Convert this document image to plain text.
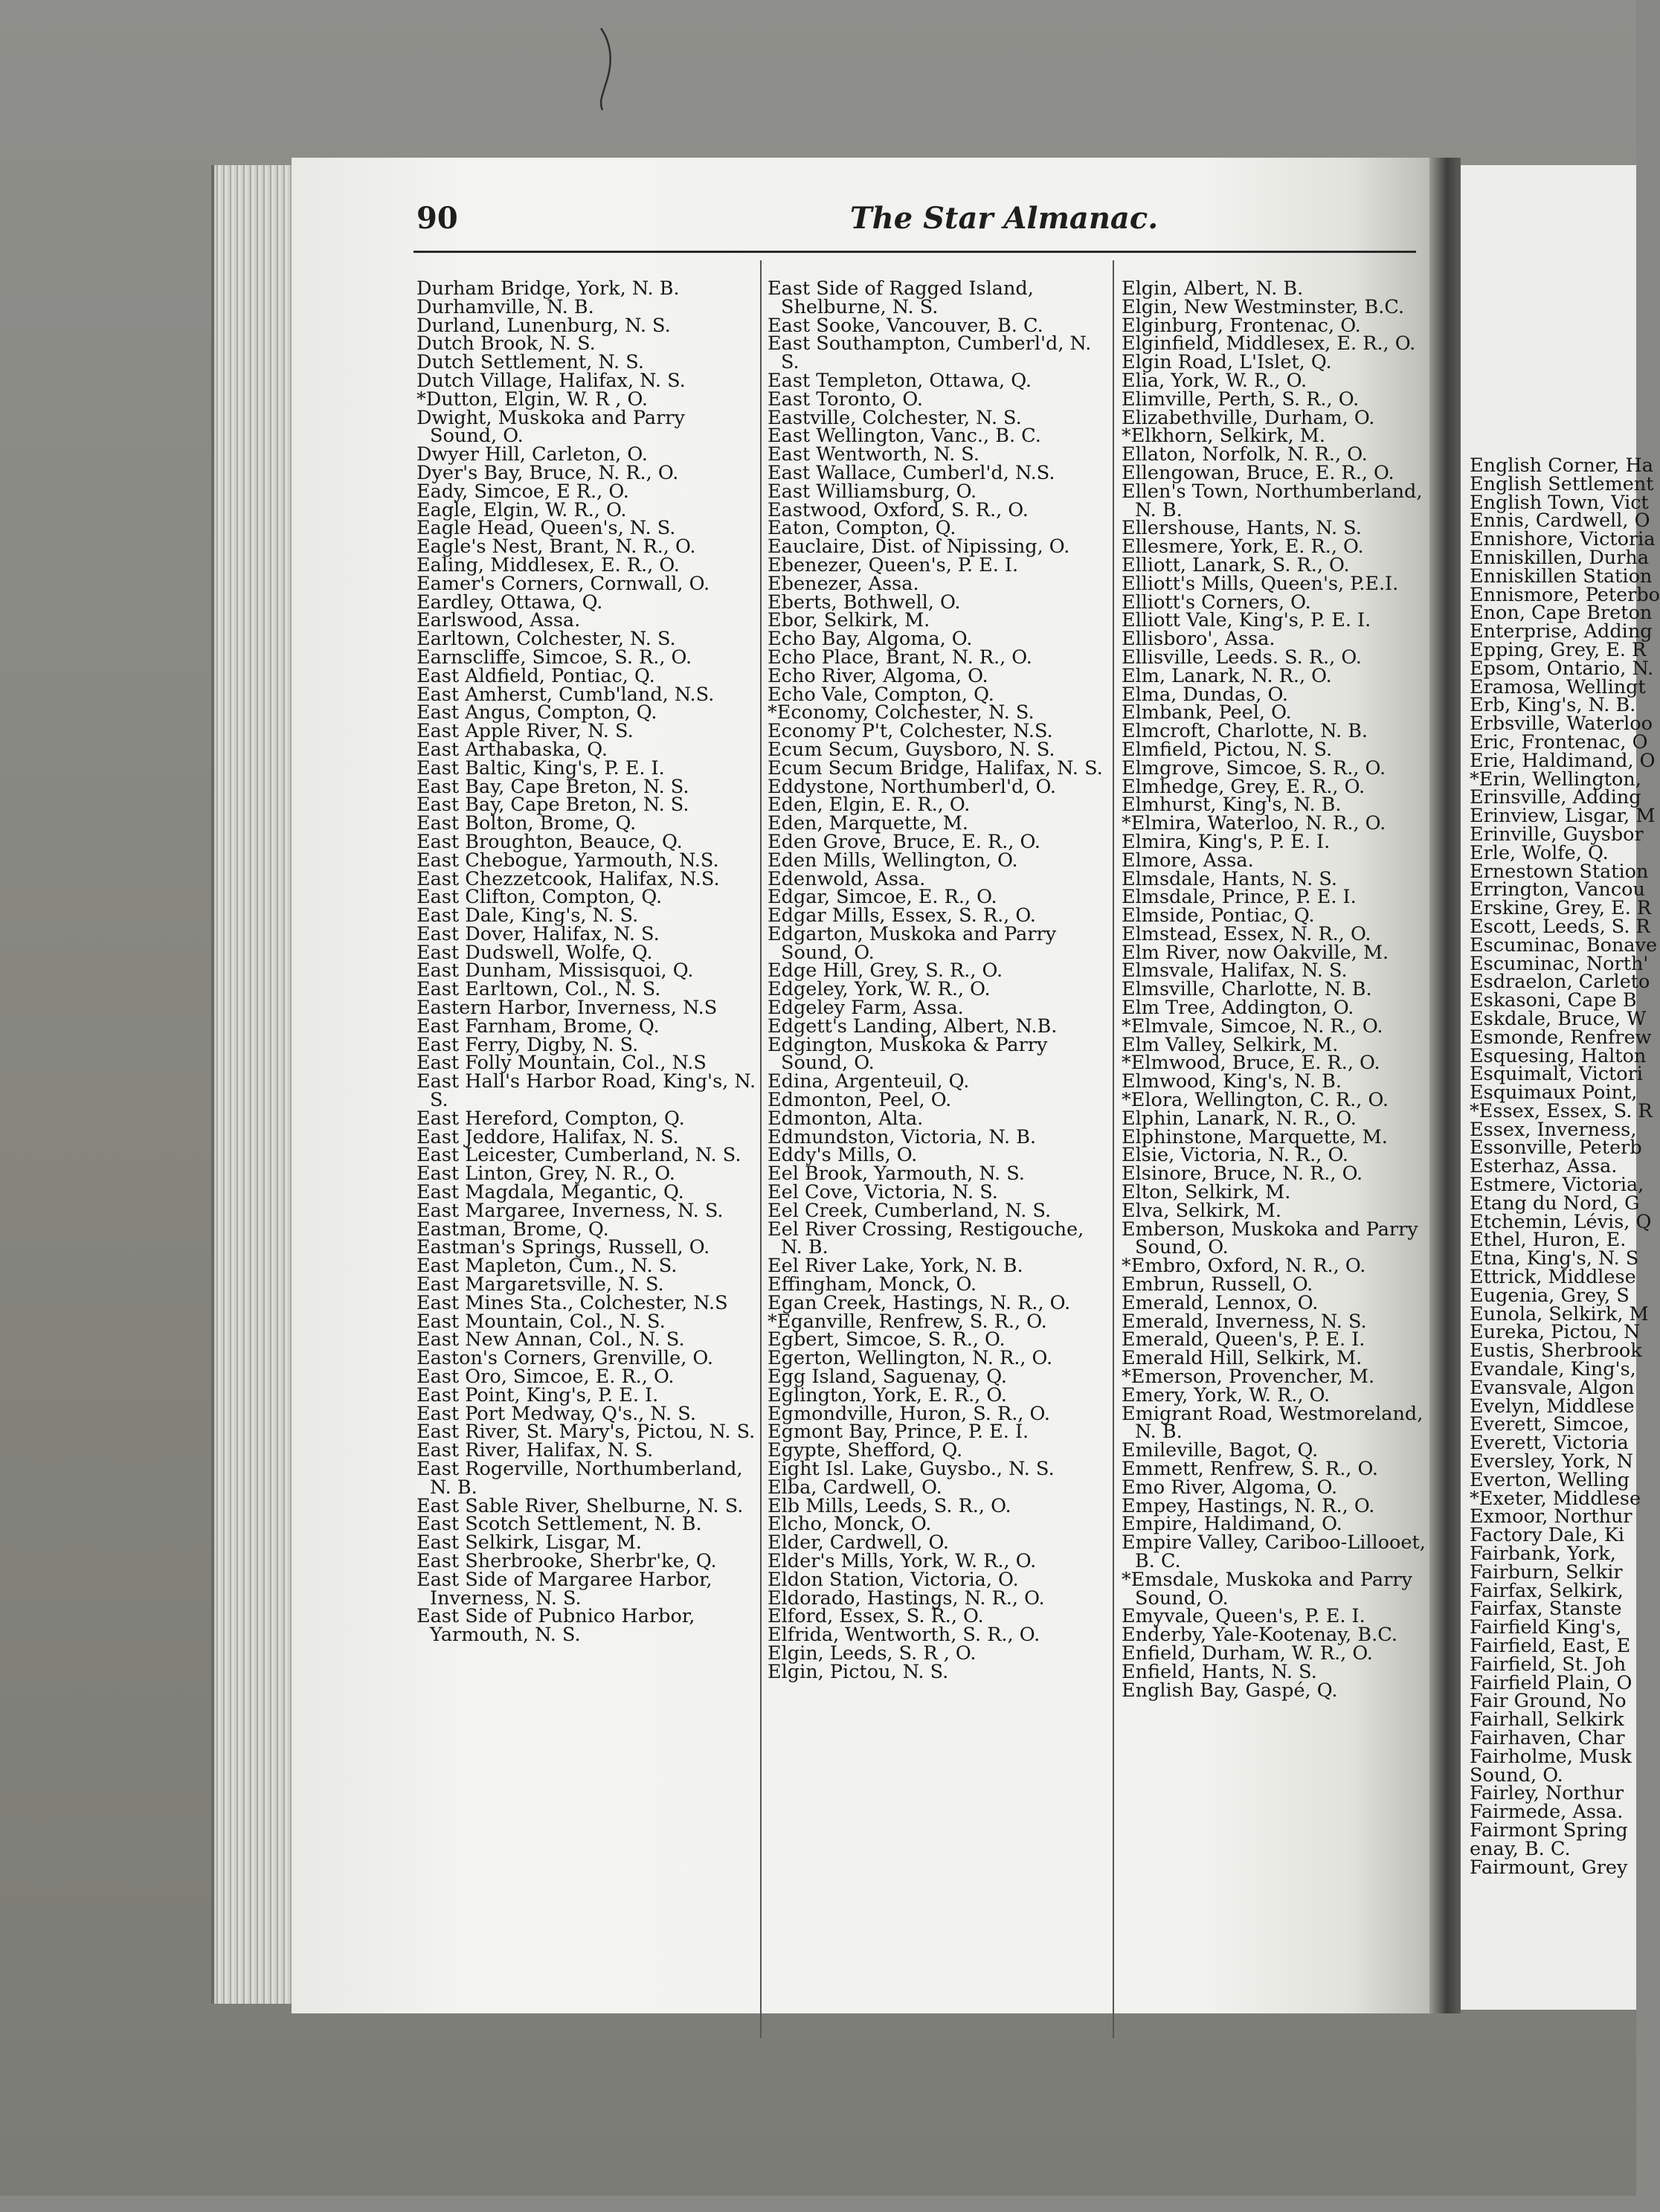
90	The Star Almanac.
Durham Bridge, York, N. B.
Durhamville, N. B.
Durland, Lunenburg, N. S.
Dutch Brook, N. S.
Dutch Settlement, N. S.
Dutch Village, Halifax, N. S.
*Dutton, Elgin, W. R , O.
Dwight, Muskoka and Parry Sound, O.
Dwyer Hill, Carleton, O.
Dyer's Bay, Bruce, N. R., O.
Eady, Simcoe, E R., O.
Eagle, Elgin, W. R., O.
Eagle Head, Queen's, N. S.
Eagle's Nest, Brant, N. R., O.
Ealing, Middlesex, E. R., O.
Eamer's Corners, Cornwall, O.
Eardley, Ottawa, Q.
Earlswood, Assa.
Earltown, Colchester, N. S.
Earnscliffe, Simcoe, S. R., O.
East Aldfield, Pontiac, Q.
East Amherst, Cumb'land, N.S.
East Angus, Compton, Q.
East Apple River, N. S.
East Arthabaska, Q.
East Baltic, King's, P. E. I.
East Bay, Cape Breton, N. S.
East Bay, Cape Breton, N. S.
East Bolton, Brome, Q.
East Broughton, Beauce, Q.
East Chebogue, Yarmouth, N.S.
East Chezzetcook, Halifax, N.S.
East Clifton, Compton, Q.
East Dale, King's, N. S.
East Dover, Halifax, N. S.
East Dudswell, Wolfe, Q.
East Dunham, Missisquoi, Q.
East Earltown, Col., N. S.
Eastern Harbor, Inverness, N.S
East Farnham, Brome, Q.
East Ferry, Digby, N. S.
East Folly Mountain, Col., N.S
East Hall's Harbor Road, King's, N. S.
East Hereford, Compton, Q.
East Jeddore, Halifax, N. S.
East Leicester, Cumberland, N. S.
East Linton, Grey, N. R., O.
East Magdala, Megantic, Q.
East Margaree, Inverness, N. S.
Eastman, Brome, Q.
Eastman's Springs, Russell, O.
East Mapleton, Cum., N. S.
East Margaretsville, N. S.
East Mines Sta., Colchester, N.S
East Mountain, Col., N. S.
East New Annan, Col., N. S.
Easton's Corners, Grenville, O.
East Oro, Simcoe, E. R., O.
East Point, King's, P. E. I.
East Port Medway, Q's., N. S.
East River, St. Mary's, Pictou, N. S.
East River, Halifax, N. S.
East Rogerville, Northumberland, N. B.
East Sable River, Shelburne, N. S.
East Scotch Settlement, N. B.
East Selkirk, Lisgar, M.
East Sherbrooke, Sherbr'ke, Q.
East Side of Margaree Harbor, Inverness, N. S.
East Side of Pubnico Harbor, Yarmouth, N. S.
East Side of Ragged Island, Shelburne, N. S.
East Sooke, Vancouver, B. C.
East Southampton, Cumberl'd, N. S.
East Templeton, Ottawa, Q.
East Toronto, O.
Eastville, Colchester, N. S.
East Wellington, Vanc., B. C.
East Wentworth, N. S.
East Wallace, Cumberl'd, N.S.
East Williamsburg, O.
Eastwood, Oxford, S. R., O.
Eaton, Compton, Q.
Eauclaire, Dist. of Nipissing, O.
Ebenezer, Queen's, P. E. I.
Ebenezer, Assa.
Eberts, Bothwell, O.
Ebor, Selkirk, M.
Echo Bay, Algoma, O.
Echo Place, Brant, N. R., O.
Echo River, Algoma, O.
Echo Vale, Compton, Q.
*Economy, Colchester, N. S.
Economy P't, Colchester, N.S.
Ecum Secum, Guysboro, N. S.
Ecum Secum Bridge, Halifax, N. S.
Eddystone, Northumberl'd, O.
Eden, Elgin, E. R., O.
Eden, Marquette, M.
Eden Grove, Bruce, E. R., O.
Eden Mills, Wellington, O.
Edenwold, Assa.
Edgar, Simcoe, E. R., O.
Edgar Mills, Essex, S. R., O.
Edgarton, Muskoka and Parry Sound, O.
Edge Hill, Grey, S. R., O.
Edgeley, York, W. R., O.
Edgeley Farm, Assa.
Edgett's Landing, Albert, N.B.
Edgington, Muskoka & Parry Sound, O.
Edina, Argenteuil, Q.
Edmonton, Peel, O.
Edmonton, Alta.
Edmundston, Victoria, N. B.
Eddy's Mills, O.
Eel Brook, Yarmouth, N. S.
Eel Cove, Victoria, N. S.
Eel Creek, Cumberland, N. S.
Eel River Crossing, Restigouche, N. B.
Eel River Lake, York, N. B.
Effingham, Monck, O.
Egan Creek, Hastings, N. R., O.
*Eganville, Renfrew, S. R., O.
Egbert, Simcoe, S. R., O.
Egerton, Wellington, N. R., O.
Egg Island, Saguenay, Q.
Eglington, York, E. R., O.
Egmondville, Huron, S. R., O.
Egmont Bay, Prince, P. E. I.
Egypte, Shefford, Q.
Eight Isl. Lake, Guysbo., N. S.
Elba, Cardwell, O.
Elb Mills, Leeds, S. R., O.
Elcho, Monck, O.
Elder, Cardwell, O.
Elder's Mills, York, W. R., O.
Eldon Station, Victoria, O.
Eldorado, Hastings, N. R., O.
Elford, Essex, S. R., O.
Elfrida, Wentworth, S. R., O.
Elgin, Leeds, S. R , O.
Elgin, Pictou, N. S.
Elgin, Albert, N. B.
Elgin, New Westminster, B.C.
Elginburg, Frontenac, O.
Elginfield, Middlesex, E. R., O.
Elgin Road, L'Islet, Q.
Elia, York, W. R., O.
Elimville, Perth, S. R., O.
Elizabethville, Durham, O.
*Elkhorn, Selkirk, M.
Ellaton, Norfolk, N. R., O.
Ellengowan, Bruce, E. R., O.
Ellen's Town, Northumberland, N. B.
Ellershouse, Hants, N. S.
Ellesmere, York, E. R., O.
Elliott, Lanark, S. R., O.
Elliott's Mills, Queen's, P.E.I.
Elliott's Corners, O.
Elliott Vale, King's, P. E. I.
Ellisboro', Assa.
Ellisville, Leeds. S. R., O.
Elm, Lanark, N. R., O.
Elma, Dundas, O.
Elmbank, Peel, O.
Elmcroft, Charlotte, N. B.
Elmfield, Pictou, N. S.
Elmgrove, Simcoe, S. R., O.
Elmhedge, Grey, E. R., O.
Elmhurst, King's, N. B.
*Elmira, Waterloo, N. R., O.
Elmira, King's, P. E. I.
Elmore, Assa.
Elmsdale, Hants, N. S.
Elmsdale, Prince, P. E. I.
Elmside, Pontiac, Q.
Elmstead, Essex, N. R., O.
Elm River, now Oakville, M.
Elmsvale, Halifax, N. S.
Elmsville, Charlotte, N. B.
Elm Tree, Addington, O.
*Elmvale, Simcoe, N. R., O.
Elm Valley, Selkirk, M.
*Elmwood, Bruce, E. R., O.
Elmwood, King's, N. B.
*Elora, Wellington, C. R., O.
Elphin, Lanark, N. R., O.
Elphinstone, Marquette, M.
Elsie, Victoria, N. R., O.
Elsinore, Bruce, N. R., O.
Elton, Selkirk, M.
Elva, Selkirk, M.
Emberson, Muskoka and Parry Sound, O.
*Embro, Oxford, N. R., O.
Embrun, Russell, O.
Emerald, Lennox, O.
Emerald, Inverness, N. S.
Emerald, Queen's, P. E. I.
Emerald Hill, Selkirk, M.
*Emerson, Provencher, M.
Emery, York, W. R., O.
Emigrant Road, Westmoreland, N. B.
Emileville, Bagot, Q.
Emmett, Renfrew, S. R., O.
Emo River, Algoma, O.
Empey, Hastings, N. R., O.
Empire, Haldimand, O.
Empire Valley, Cariboo-Lillooet, B. C.
*Emsdale, Muskoka and Parry Sound, O.
Emyvale, Queen's, P. E. I.
Enderby, Yale-Kootenay, B.C.
Enfield, Durham, W. R., O.
Enfield, Hants, N. S.
English Bay, Gaspé, Q.
English Corner, Ha
English Settlement
English Town, Vict
Ennis, Cardwell, O
Ennishore, Victoria
Enniskillen, Durha
Enniskillen Station
Ennismore, Peterbo
Enon, Cape Breton
Enterprise, Adding
Epping, Grey, E. R
Epsom, Ontario, N.
Eramosa, Wellingt
Erb, King's, N. B.
Erbsville, Waterloo
Eric, Frontenac, O
Erie, Haldimand, O
*Erin, Wellington,
Erinsville, Adding
Erinview, Lisgar, M
Erinville, Guysbor
Erle, Wolfe, Q.
Ernestown Station
Errington, Vancou
Erskine, Grey, E. R
Escott, Leeds, S. R
Escuminac, Bonave
Escuminac, North'
Esdraelon, Carleto
Eskasoni, Cape B
Eskdale, Bruce, W
Esmonde, Renfrew
Esquesing, Halton
Esquimalt, Victori
Esquimaux Point,
*Essex, Essex, S. R
Essex, Inverness,
Essonville, Peterb
Esterhaz, Assa.
Estmere, Victoria,
Etang du Nord, G
Etchemin, Lévis, Q
Ethel, Huron, E.
Etna, King's, N. S
Ettrick, Middlese
Eugenia, Grey, S
Eunola, Selkirk, M
Eureka, Pictou, N
Eustis, Sherbrook
Evandale, King's,
Evansvale, Algon
Evelyn, Middlese
Everett, Simcoe,
Everett, Victoria
Eversley, York, N
Everton, Welling
*Exeter, Middlese
Exmoor, Northur
Factory Dale, Ki
Fairbank, York,
Fairburn, Selkir
Fairfax, Selkirk,
Fairfax, Stanste
Fairfield King's,
Fairfield, East, E
Fairfield, St. Joh
Fairfield Plain, O
Fair Ground, No
Fairhall, Selkirk
Fairhaven, Char
Fairholme, Musk
Sound, O.
Fairley, Northur
Fairmede, Assa.
Fairmont Spring
enay, B. C.
Fairmount, Grey
